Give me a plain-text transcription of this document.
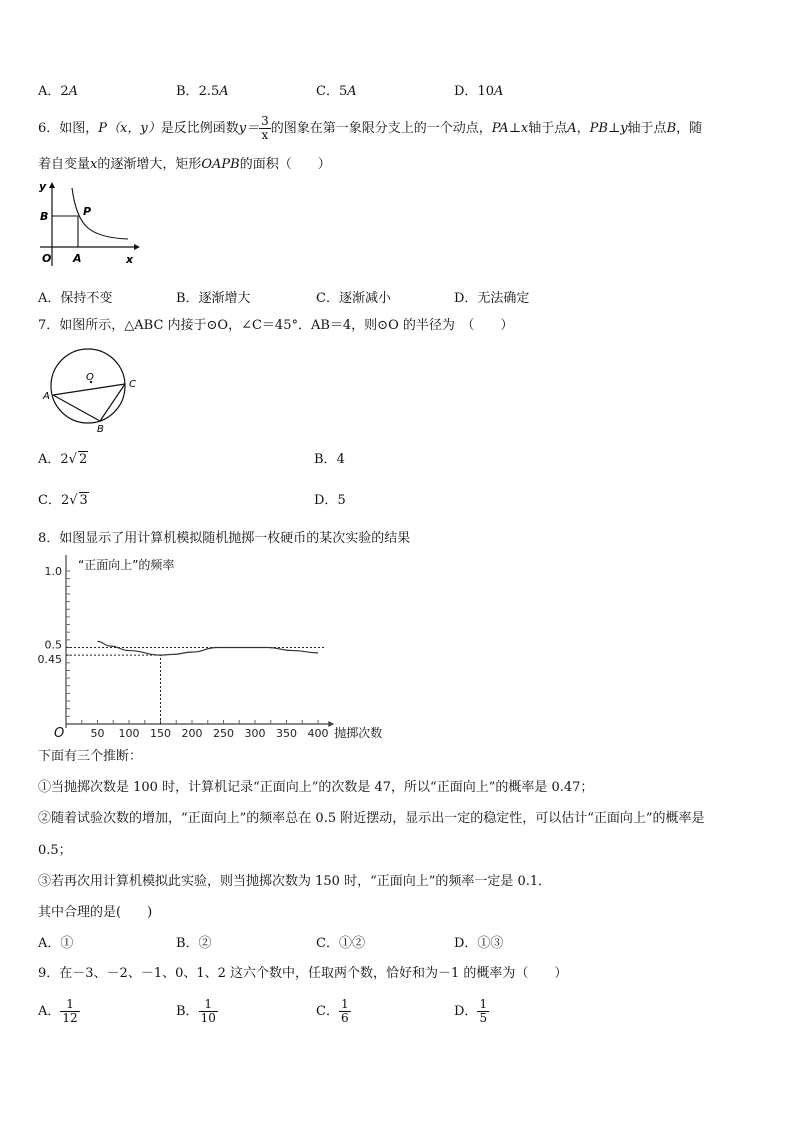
A．2A	B．2.5A	C．5A	D．10A
6．如图，P（x，y）是反比例函数$y= \frac{3}{x}$ 的图象在第一象限分支上的一个动点，PA⊥x轴于点A，PB⊥y轴于点B，随
着自变量x的逐渐增大，矩形OAPB的面积（　　）
y
B	P
O A	x
A．保持不变	B．逐渐增大	C．逐渐减小	D．无法确定
7．如图所示，△ABC 内接于⊙O，∠C＝45°．AB＝4，则⊙O 的半径为　（　　）
O
A
B
C
A．2√ 2	B．4
C．2√ 3	D．5
8．如图显示了用计算机模拟随机抛掷一枚硬币的某次实验的结果
50 100 150 200 250 300 350 400
0.45
0.5
1.0 “正面向上”的频率
抛掷次数
O
下面有三个推断：
①当抛掷次数是 100 时，计算机记录“正面向上”的次数是 47，所以“正面向上”的概率是 0.47；
②随着试验次数的增加，“正面向上”的频率总在 0.5 附近摆动，显示出一定的稳定性，可以估计“正面向上”的概率是
0.5；
③若再次用计算机模拟此实验，则当抛掷次数为 150 时，“正面向上”的频率一定是 0.1．
其中合理的是(　　)
A．①	B．②	C．①②	D．①③
9．在－3、－2、－1、0、1、2 这六个数中，任取两个数，恰好和为－1 的概率为（　　）
A． $\frac{1}{12}$	B． $\frac{1}{10}$	C． $\frac{1}{6}$	D． $\frac{1}{5}$
